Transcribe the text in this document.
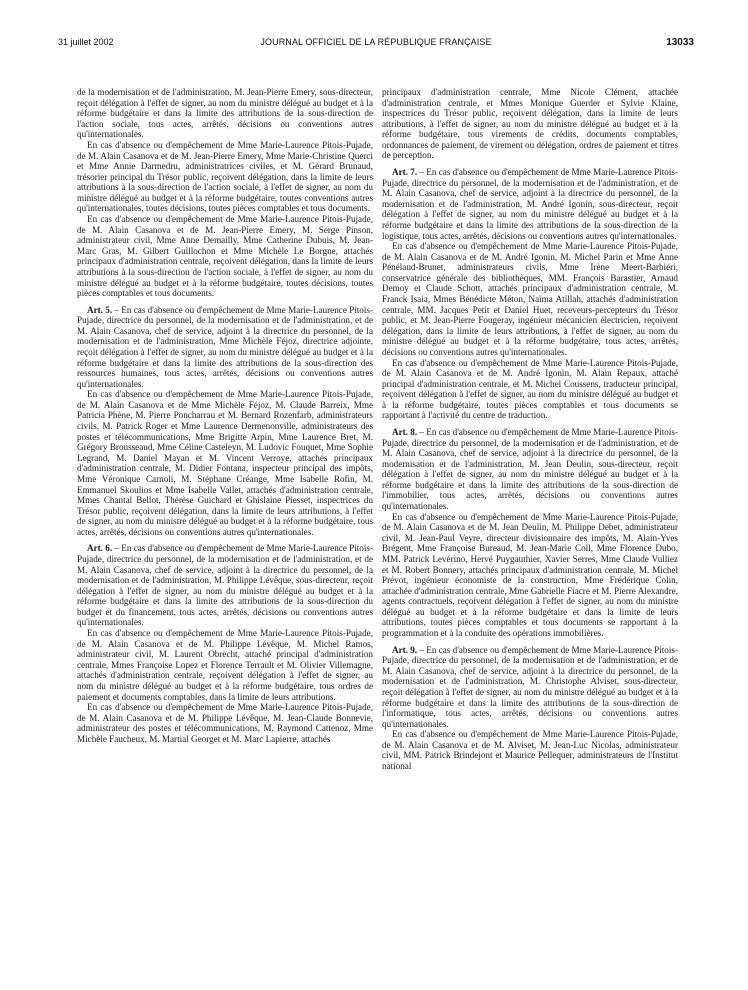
31 juillet 2002	JOURNAL OFFICIEL DE LA RÉPUBLIQUE FRANÇAISE	13033

de la modernisation et de l'administration, M. Jean-Pierre Emery, sous-directeur, reçoit délégation à l'effet de signer, au nom du ministre délégué au budget et à la réforme budgétaire et dans la limite des attributions de la sous-direction de l'action sociale, tous actes, arrêtés, décisions ou conventions autres qu'internationales.

En cas d'absence ou d'empêchement de Mme Marie-Laurence Pitois-Pujade, de M. Alain Casanova et de M. Jean-Pierre Emery, Mme Marie-Christine Querci et Mme Annie Darmedru, administratrices civiles, et M. Gérard Brunaud, trésorier principal du Trésor public, reçoivent délégation, dans la limite de leurs attributions à la sous-direction de l'action sociale, à l'effet de signer, au nom du ministre délégué au budget et à la réforme budgétaire, toutes conventions autres qu'internationales, toutes décisions, toutes pièces comptables et tous documents.

En cas d'absence ou d'empêchement de Mme Marie-Laurence Pitois-Pujade, de M. Alain Casanova et de M. Jean-Pierre Emery, M. Serge Pinson, administrateur civil, Mme Anne Demailly, Mme Catherine Dubuis, M. Jean-Marc Gras, M. Gilbert Guillochon et Mme Michèle Le Borgne, attachés principaux d'administration centrale, reçoivent délégation, dans la limite de leurs attributions à la sous-direction de l'action sociale, à l'effet de signer, au nom du ministre délégué au budget et à la réforme budgétaire, toutes décisions, toutes pièces comptables et tous documents.

Art. 5. – En cas d'absence ou d'empêchement de Mme Marie-Laurence Pitois-Pujade, directrice du personnel, de la modernisation et de l'administration, et de M. Alain Casanova, chef de service, adjoint à la directrice du personnel, de la modernisation et de l'administration, Mme Michèle Féjoz, directrice adjointe, reçoit délégation à l'effet de signer, au nom du ministre délégué au budget et à la réforme budgétaire et dans la limite des attributions de la sous-direction des ressources humaines, tous actes, arrêtés, décisions ou conventions autres qu'internationales.

En cas d'absence ou d'empêchement de Mme Marie-Laurence Pitois-Pujade, de M. Alain Casanova et de Mme Michèle Féjoz, M. Claude Barreix, Mme Patricia Phène, M. Pierre Poncharrau et M. Bernard Rozenfarb, administrateurs civils, M. Patrick Roger et Mme Laurence Dermenonville, administrateurs des postes et télécommunications, Mme Brigitte Arpin, Mme Laurence Bret, M. Grégory Brousseaud, Mme Céline Casteleyn, M. Ludovic Fouquet, Mme Sophie Legrand, M. Daniel Mayan et M. Vincent Verroye, attachés principaux d'administration centrale, M. Didier Fontana, inspecteur principal des impôts, Mme Véronique Carnoli, M. Stéphane Créange, Mme Isabelle Rofin, M. Emmanuel Skoulios et Mme Isabelle Vallet, attachés d'administration centrale, Mmes Chantal Bellot, Thérèse Guichard et Ghislaine Piesset, inspectrices du Trésor public, reçoivent délégation, dans la limite de leurs attributions, à l'effet de signer, au nom du ministre délégué au budget et à la réforme budgétaire, tous actes, arrêtés, décisions ou conventions autres qu'internationales.

Art. 6. – En cas d'absence ou d'empêchement de Mme Marie-Laurence Pitois-Pujade, directrice du personnel, de la modernisation et de l'administration, et de M. Alain Casanova, chef de service, adjoint à la directrice du personnel, de la modernisation et de l'administration, M. Philippe Lévêque, sous-directeur, reçoit délégation à l'effet de signer, au nom du ministre délégué au budget et à la réforme budgétaire et dans la limite des attributions de la sous-direction du budget et du financement, tous actes, arrêtés, décisions ou conventions autres qu'internationales.

En cas d'absence ou d'empêchement de Mme Marie-Laurence Pitois-Pujade, de M. Alain Casanova et de M. Philippe Lévêque, M. Michel Ramos, administrateur civil, M. Laurent Obrecht, attaché principal d'administration centrale, Mmes Françoise Lopez et Florence Terrault et M. Olivier Villemagne, attachés d'administration centrale, reçoivent délégation à l'effet de signer, au nom du ministre délégué au budget et à la réforme budgétaire, tous ordres de paiement et documents comptables, dans la limite de leurs attributions.

En cas d'absence ou d'empêchement de Mme Marie-Laurence Pitois-Pujade, de M. Alain Casanova et de M. Philippe Lévêque, M. Jean-Claude Bonnevie, administrateur des postes et télécommunications, M. Raymond Cattenoz, Mme Michèle Faucheux, M. Martial Georget et M. Marc Lapierre, attachés

principaux d'administration centrale, Mme Nicole Clément, attachée d'administration centrale, et Mmes Monique Guerder et Sylvie Klaine, inspectrices du Trésor public, reçoivent délégation, dans la limite de leurs attributions, à l'effet de signer, au nom du ministre délégué au budget et à la réforme budgétaire, tous virements de crédits, documents comptables, ordonnances de paiement, de virement ou délégation, ordres de paiement et titres de perception.

Art. 7. – En cas d'absence ou d'empêchement de Mme Marie-Laurence Pitois-Pujade, directrice du personnel, de la modernisation et de l'administration, et de M. Alain Casanova, chef de service, adjoint à la directrice du personnel, de la modernisation et de l'administration, M. André Igonin, sous-directeur, reçoit délégation à l'effet de signer, au nom du ministre délégué au budget et à la réforme budgétaire et dans la limite des attributions de la sous-direction de la logistique, tous actes, arrêtés, décisions ou conventions autres qu'internationales.

En cas d'absence ou d'empêchement de Mme Marie-Laurence Pitois-Pujade, de M. Alain Casanova et de M. André Igonin, M. Michel Parin et Mme Anne Pénélaud-Brunet, administrateurs civils, Mme Irène Meert-Barbiéri, conservatrice générale des bibliothèques, MM. François Barastier, Arnaud Demoy et Claude Schott, attachés principaux d'administration centrale, M. Franck Isaia, Mmes Bénédicte Méton, Naïma Atillah, attachés d'administration centrale, MM. Jacques Petit et Daniel Huet, receveurs-percepteurs du Trésor public, et M. Jean-Pierre Fougeray, ingénieur mécanicien électricien, reçoivent délégation, dans la limite de leurs attributions, à l'effet de signer, au nom du ministre délégué au budget et à la réforme budgétaire, tous actes, arrêtés, décisions ou conventions autres qu'internationales.

En cas d'absence ou d'empêchement de Mme Marie-Laurence Pitois-Pujade, de M. Alain Casanova et de M. André Igonin, M. Alain Repaux, attaché principal d'administration centrale, et M. Michel Coussens, traducteur principal, reçoivent délégation à l'effet de signer, au nom du ministre délégué au budget et à la réforme budgétaire, toutes pièces comptables et tous documents se rapportant à l'activité du centre de traduction.

Art. 8. – En cas d'absence ou d'empêchement de Mme Marie-Laurence Pitois-Pujade, directrice du personnel, de la modernisation et de l'administration, et de M. Alain Casanova, chef de service, adjoint à la directrice du personnel, de la modernisation et de l'administration, M. Jean Deulin, sous-directeur, reçoit délégation à l'effet de signer, au nom du ministre délégué au budget et à la réforme budgétaire et dans la limite des attributions de la sous-direction de l'immobilier, tous actes, arrêtés, décisions ou conventions autres qu'internationales.

En cas d'absence ou d'empêchement de Mme Marie-Laurence Pitois-Pujade, de M. Alain Casanova et de M. Jean Deulin, M. Philippe Debet, administrateur civil, M. Jean-Paul Veyre, directeur divisionnaire des impôts, M. Alain-Yves Brégent, Mme Françoise Bureaud, M. Jean-Marie Coll, Mme Florence Dubo, MM. Patrick Levérino, Hervé Puygauthier, Xavier Serres, Mme Claude Vulliez et M. Robert Bonnery, attachés principaux d'administration centrale, M. Michel Prévot, ingénieur économiste de la construction, Mme Frédérique Colin, attachée d'administration centrale, Mme Gabrielle Fiacre et M. Pierre Alexandre, agents contractuels, reçoivent délégation à l'effet de signer, au nom du ministre délégué au budget et à la réforme budgétaire et dans la limite de leurs attributions, toutes pièces comptables et tous documents se rapportant à la programmation et à la conduite des opérations immobilières.

Art. 9. – En cas d'absence ou d'empêchement de Mme Marie-Laurence Pitois-Pujade, directrice du personnel, de la modernisation et de l'administration, et de M. Alain Casanova, chef de service, adjoint à la directrice du personnel, de la modernisation et de l'administration, M. Christophe Alviset, sous-directeur, reçoit délégation à l'effet de signer, au nom du ministre délégué au budget et à la réforme budgétaire et dans la limite des attributions de la sous-direction de l'informatique, tous actes, arrêtés, décisions ou conventions autres qu'internationales.

En cas d'absence ou d'empêchement de Mme Marie-Laurence Pitois-Pujade, de M. Alain Casanova et de M. Alviset, M. Jean-Luc Nicolas, administrateur civil, MM. Patrick Brindejont et Maurice Pellequer, administrateurs de l'Institut national
